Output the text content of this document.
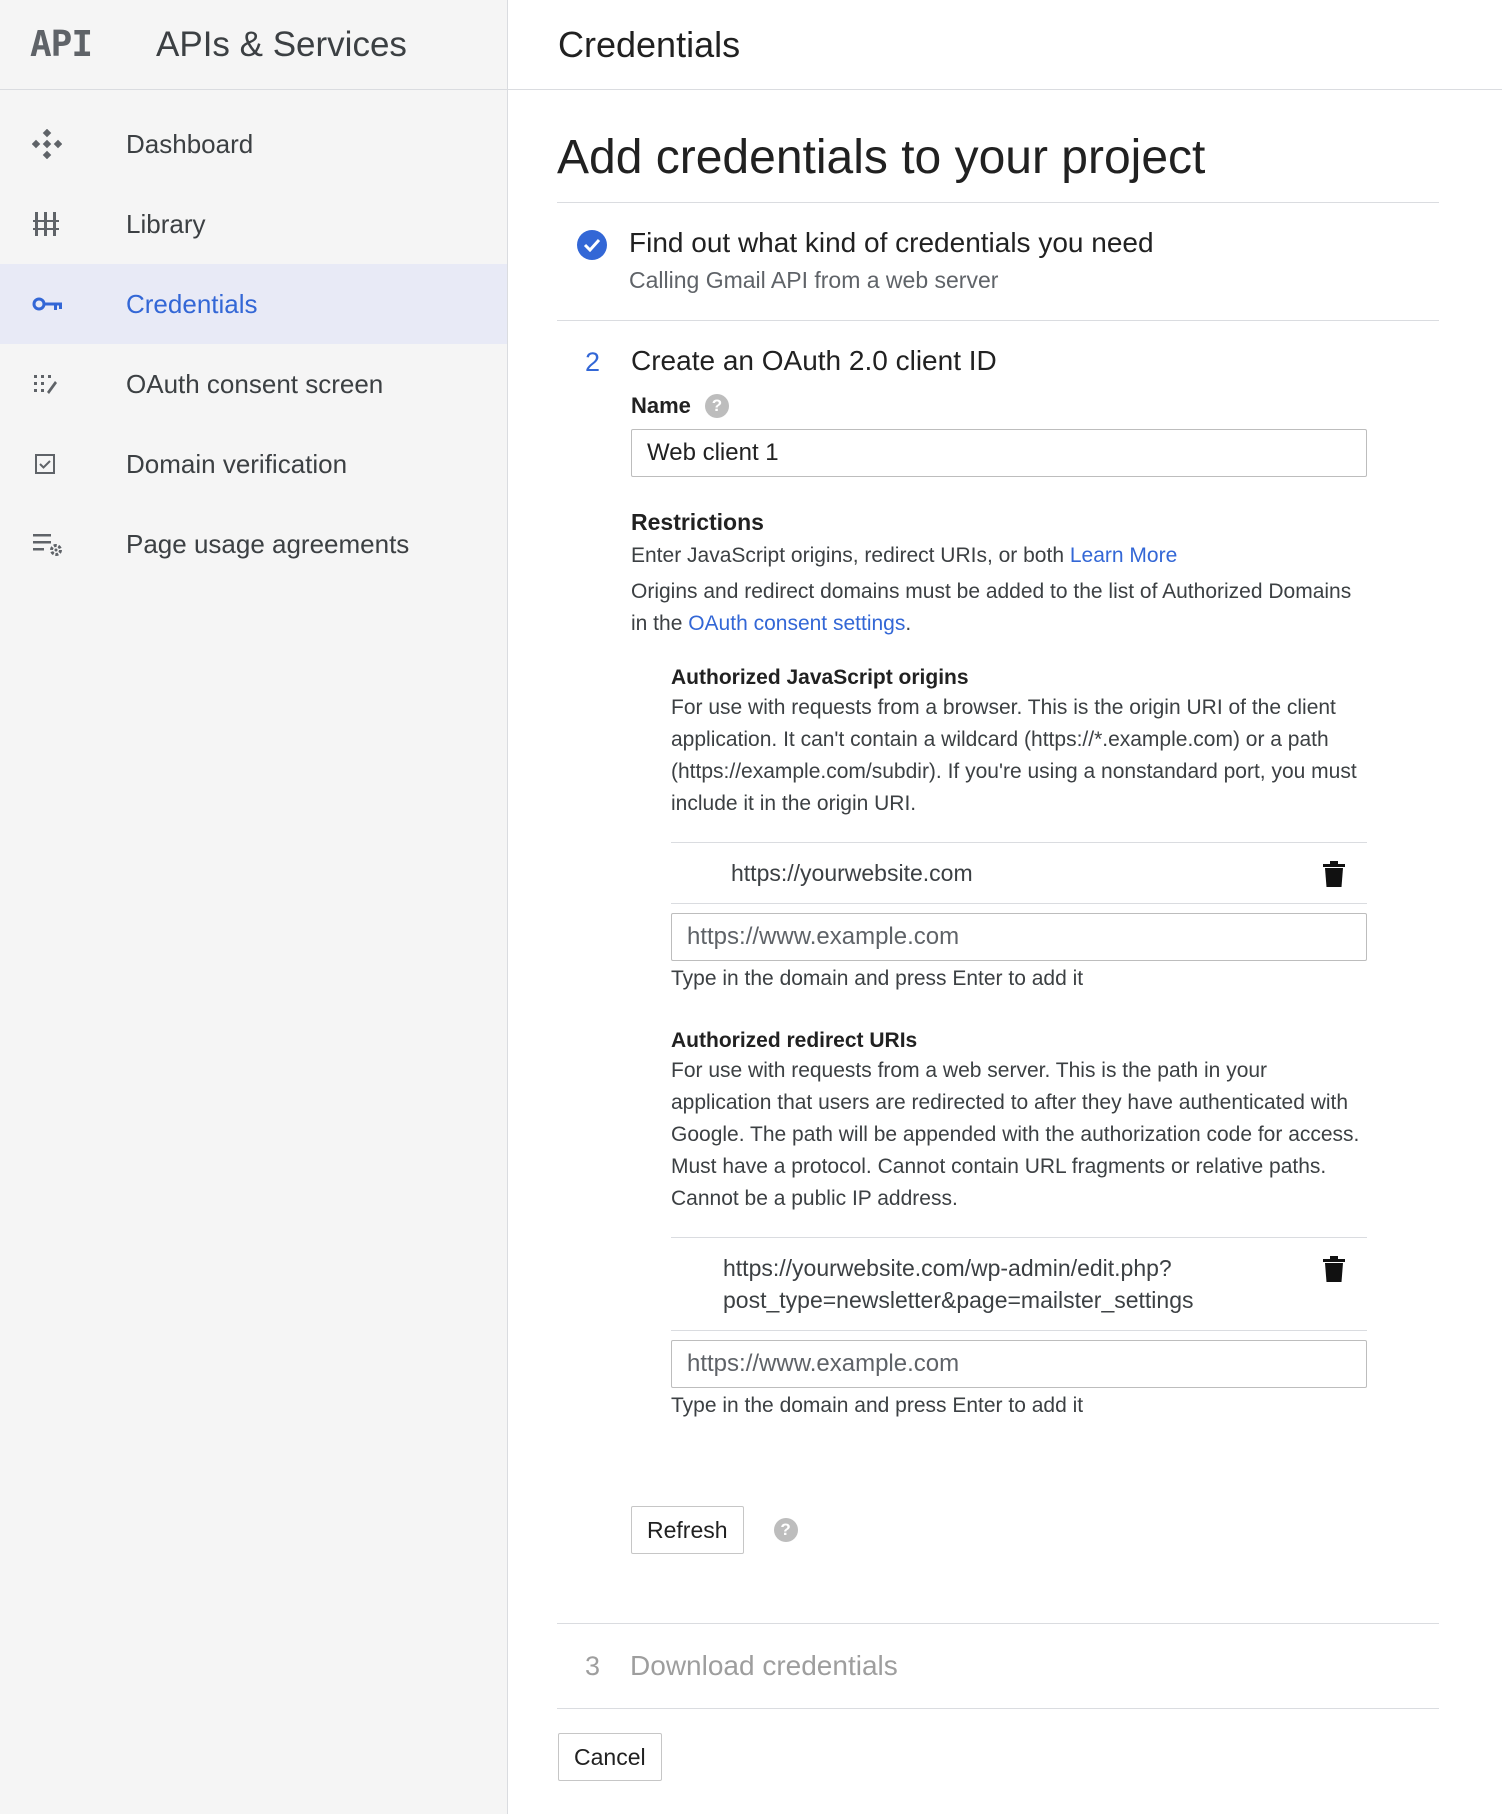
API	APIs & Services
Dashboard
Library
Credentials
OAuth consent screen
Domain verification
Page usage agreements
Credentials
Add credentials to your project
Find out what kind of credentials you need
Calling Gmail API from a web server
2 Create an OAuth 2.0 client ID
Name	?
Web client 1
Restrictions

Enter JavaScript origins, redirect URIs, or both Learn More

Origins and redirect domains must be added to the list of Authorized Domains in the OAuth consent settings.

Authorized JavaScript origins

For use with requests from a browser. This is the origin URI of the client application. It can't contain a wildcard (https://*.example.com) or a path (https://example.com/subdir). If you're using a nonstandard port, you must include it in the origin URI.

https://yourwebsite.com
https://www.example.com
Type in the domain and press Enter to add it
Authorized redirect URIs

For use with requests from a web server. This is the path in your application that users are redirected to after they have authenticated with Google. The path will be appended with the authorization code for access. Must have a protocol. Cannot contain URL fragments or relative paths. Cannot be a public IP address.

https://yourwebsite.com/wp-admin/edit.php?
post_type=newsletter&page=mailster_settings
https://www.example.com
Type in the domain and press Enter to add it
Refresh	?
3 Download credentials
Cancel
